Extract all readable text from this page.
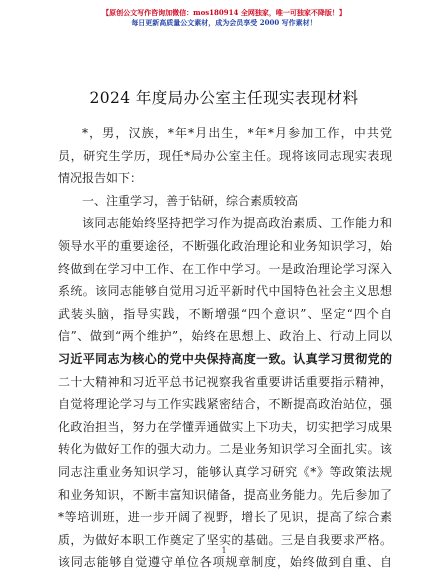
【原创公文写作咨询加微信：mos180914 全网独家，唯一可独家不降版！】
每日更新高质量公文素材，成为会员享受 2000 写作素材！
2024 年度局办公室主任现实表现材料
*，男，汉族，*年*月出生，*年*月参加工作，中共党
员，研究生学历，现任*局办公室主任。现将该同志现实表现
情况报告如下：
一、注重学习，善于钻研，综合素质较高
该同志能始终坚持把学习作为提高政治素质、工作能力和
领导水平的重要途径，不断强化政治理论和业务知识学习，始
终做到在学习中工作、在工作中学习。一是政治理论学习深入
系统。该同志能够自觉用习近平新时代中国特色社会主义思想
武装头脑，指导实践，不断增强“四个意识”、坚定“四个自
信”、做到“两个维护”，始终在思想上、政治上、行动上同以
习近平同志为核心的党中央保持高度一致。认真学习贯彻党的
二十大精神和习近平总书记视察我省重要讲话重要指示精神，
自觉将理论学习与工作实践紧密结合，不断提高政治站位，强
化政治担当，努力在学懂弄通做实上下功夫，切实把学习成果
转化为做好工作的强大动力。二是业务知识学习全面扎实。该
同志注重业务知识学习，能够认真学习研究《*》等政策法规
和业务知识，不断丰富知识储备，提高业务能力。先后参加了
*等培训班，进一步开阔了视野，增长了见识，提高了综合素
质，为做好本职工作奠定了坚实的基础。三是自我要求严格。
该同志能够自觉遵守单位各项规章制度，始终做到自重、自
1
